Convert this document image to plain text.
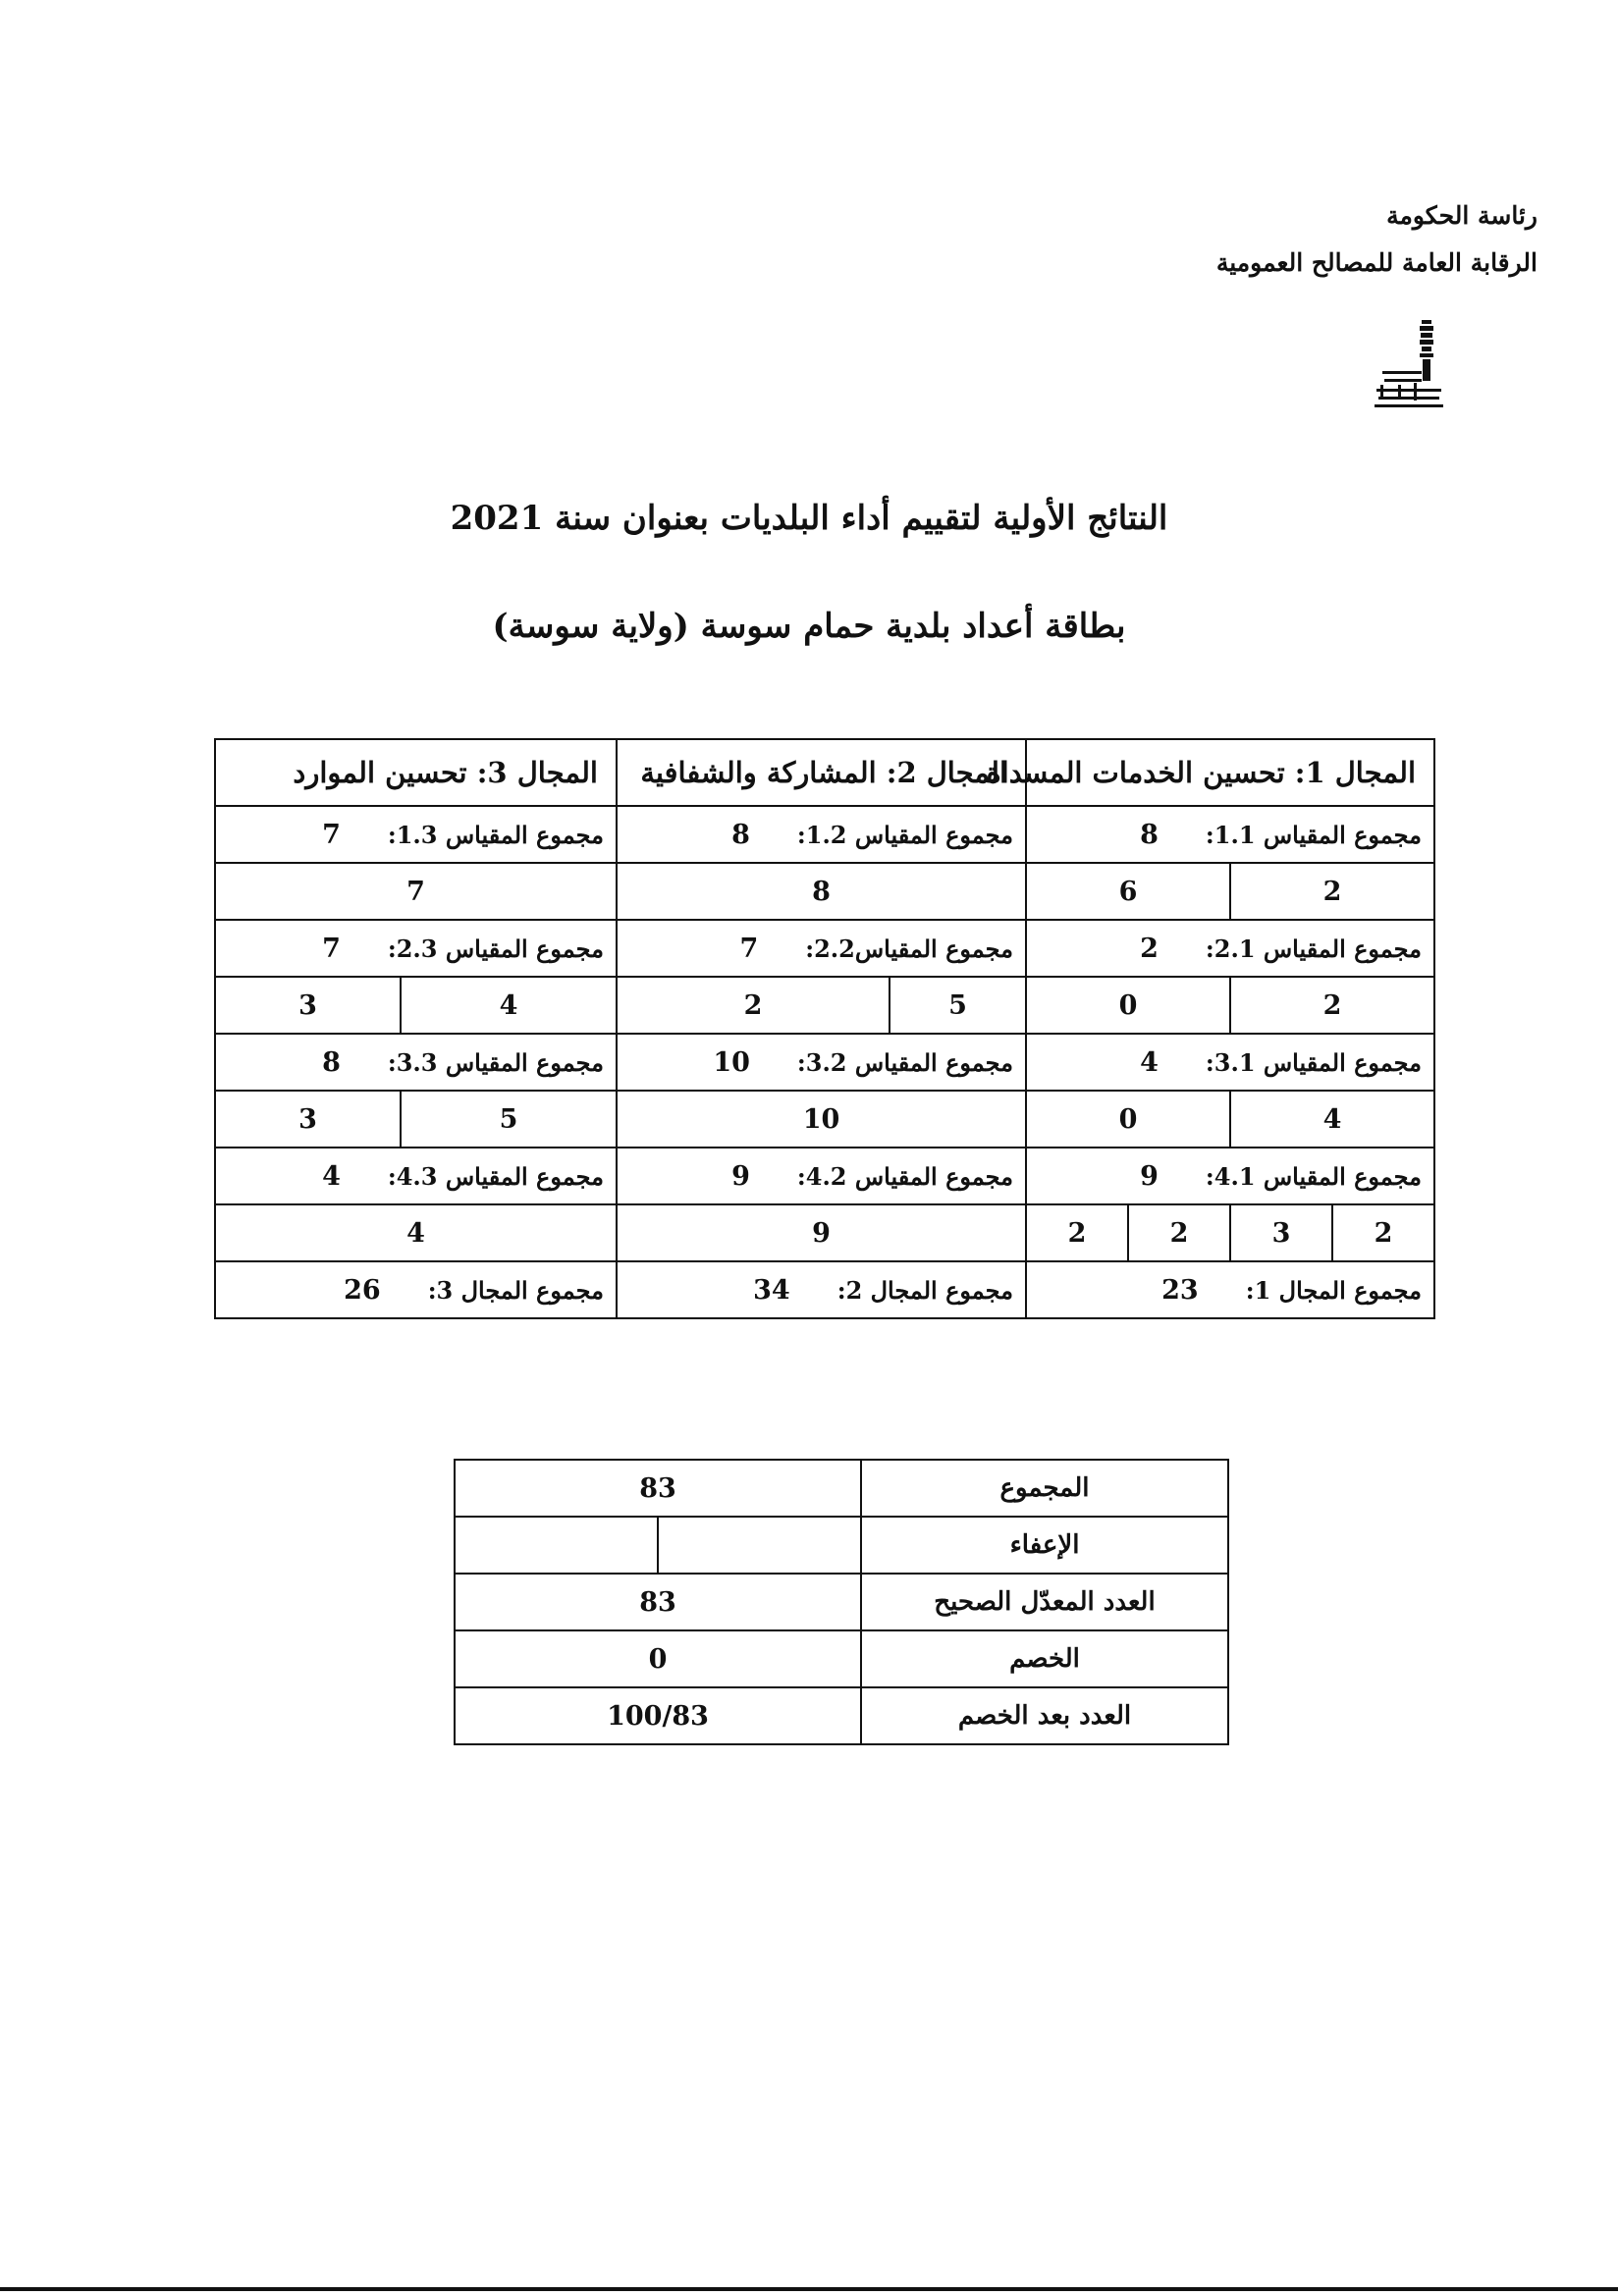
رئاسة الحكومة
الرقابة العامة للمصالح العمومية
النتائج الأولية لتقييم أداء البلديات بعنوان سنة 2021
بطاقة أعداد بلدية حمام سوسة (ولاية سوسة)
المجال 1: تحسين الخدمات المسداة				المجال 2: المشاركة والشفافية		المجال 3: تحسين الموارد	
مجموع المقياس 1.1:8				مجموع المقياس 1.2:8		مجموع المقياس 1.3:7	
2		6		8		7	
مجموع المقياس 2.1:2				مجموع المقياس2.2:7		مجموع المقياس 2.3:7	
2		0		5	2	4	3
مجموع المقياس 3.1:4				مجموع المقياس 3.2:10		مجموع المقياس 3.3:8	
4		0		10		5	3
مجموع المقياس 4.1:9				مجموع المقياس 4.2:9		مجموع المقياس 4.3:4	
2	3	2	2	9		4	
مجموع المجال 1:23				مجموع المجال 2:34		مجموع المجال 3:26	
المجموع	83
الإعفاء	

العدد المعدّل الصحيح	83
الخصم	0
العدد بعد الخصم	100/83
